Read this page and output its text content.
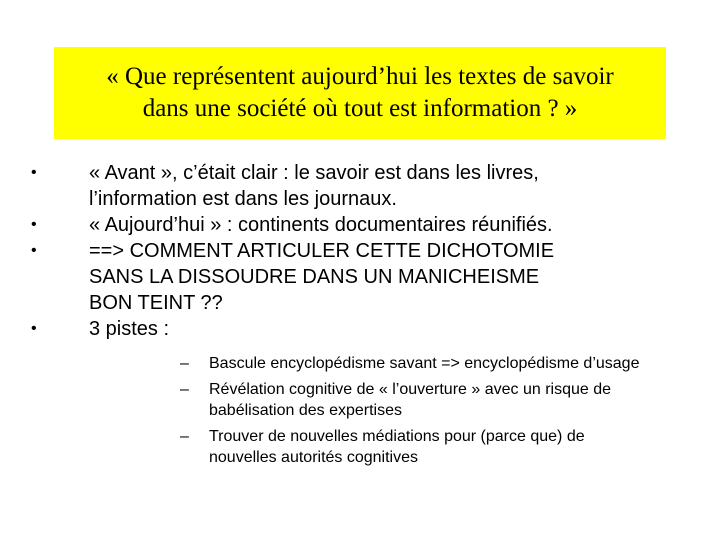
« Que représentent aujourd’hui les textes de savoir
dans une société où tout est information ? »
•	« Avant », c’était clair : le savoir est dans les livres,
l’information est dans les journaux.
•	« Aujourd’hui » : continents documentaires réunifiés.
•	==> COMMENT ARTICULER CETTE DICHOTOMIE
SANS LA DISSOUDRE DANS UN MANICHEISME
BON TEINT ??
•	3 pistes :
– Bascule encyclopédisme savant => encyclopédisme d’usage
– Révélation cognitive de « l’ouverture » avec un risque de
babélisation des expertises
– Trouver de nouvelles médiations pour (parce que) de
nouvelles autorités cognitives
